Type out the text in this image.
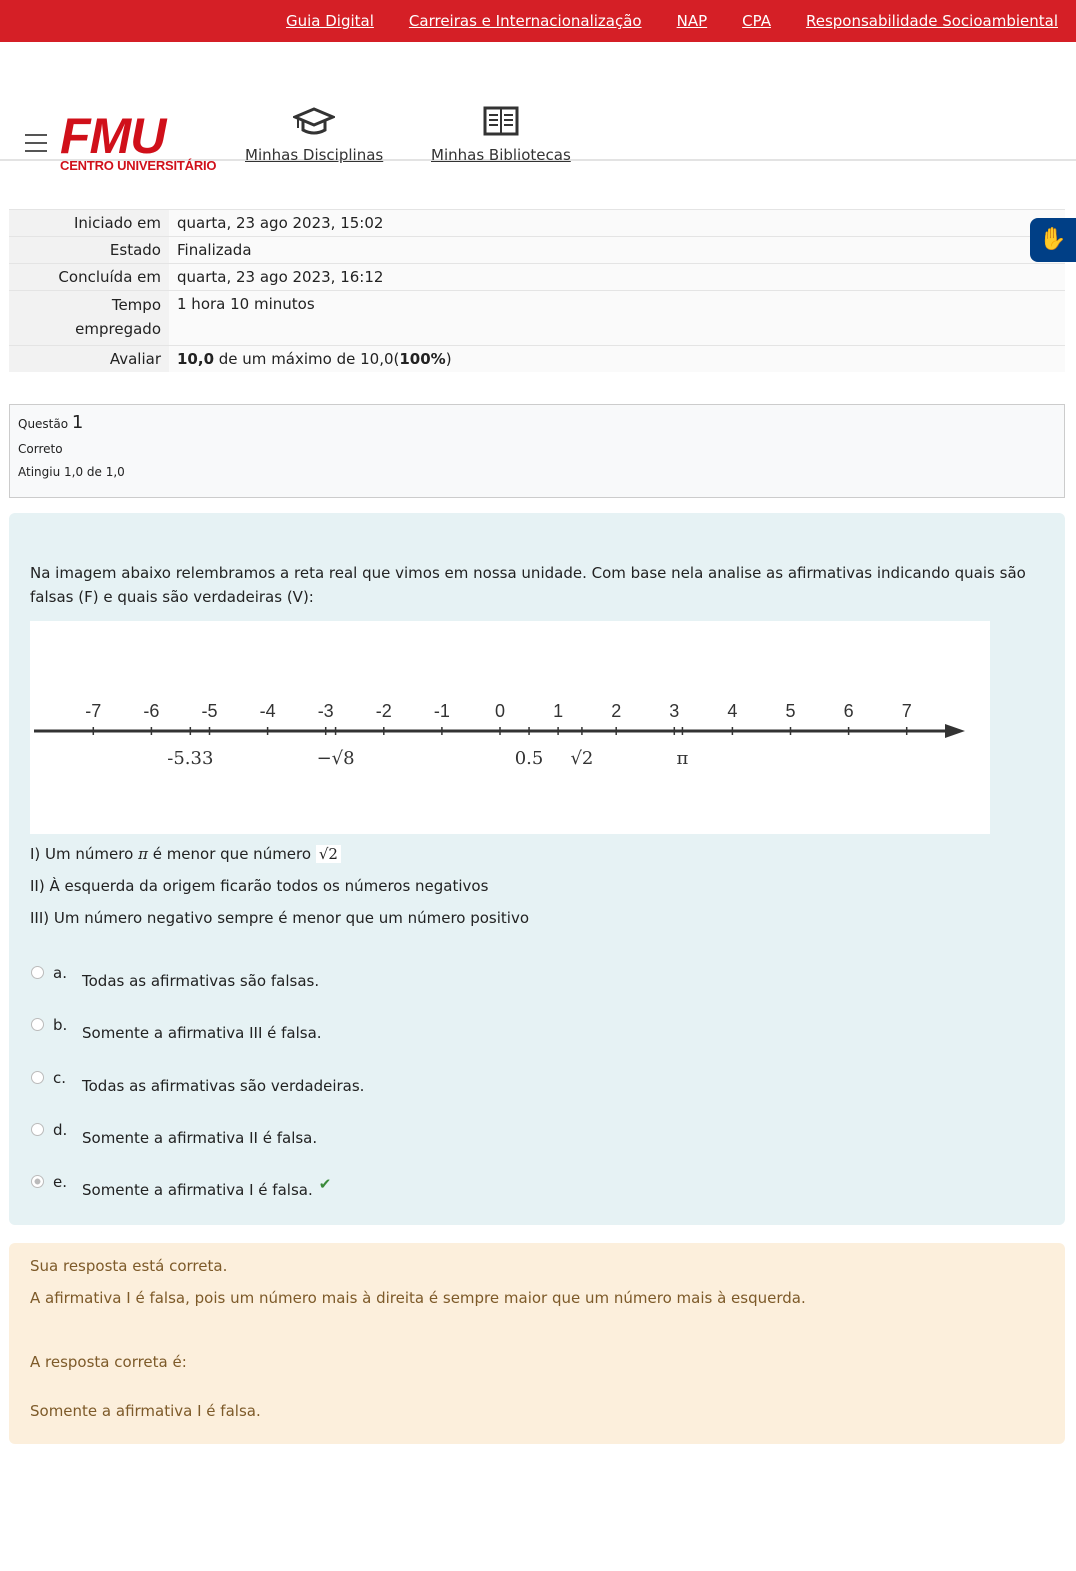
Guia Digital Carreiras e Internacionalização NAP CPA Responsabilidade Socioambiental
FMU
CENTRO UNIVERSITÁRIO
Minhas Disciplinas	Minhas Bibliotecas
Iniciado em	quarta, 23 ago 2023, 15:02
Estado	Finalizada
Concluída em	quarta, 23 ago 2023, 16:12
Tempo empregado	1 hora 10 minutos
Avaliar	10,0 de um máximo de 10,0(100%)
✋
Questão 1
Correto
Atingiu 1,0 de 1,0

Na imagem abaixo relembramos a reta real que vimos em nossa unidade. Com base nela analise as afirmativas indicando quais são falsas (F) e quais são verdadeiras (V):

-7 -6 -5 -4 -3 -2 -1	0	1	2	3	4	5	6	7
-5.33	−√8	0.5 √2	π

I) Um número π é menor que número √2

II) À esquerda da origem ficarão todos os números negativos

III) Um número negativo sempre é menor que um número positivo

a.	Todas as afirmativas são falsas.
b. Somente a afirmativa III é falsa.
c.	Todas as afirmativas são verdadeiras.
d. Somente a afirmativa II é falsa.
e.	Somente a afirmativa I é falsa. ✔
Sua resposta está correta.
A afirmativa I é falsa, pois um número mais à direita é sempre maior que um número mais à esquerda.
A resposta correta é:
Somente a afirmativa I é falsa.
